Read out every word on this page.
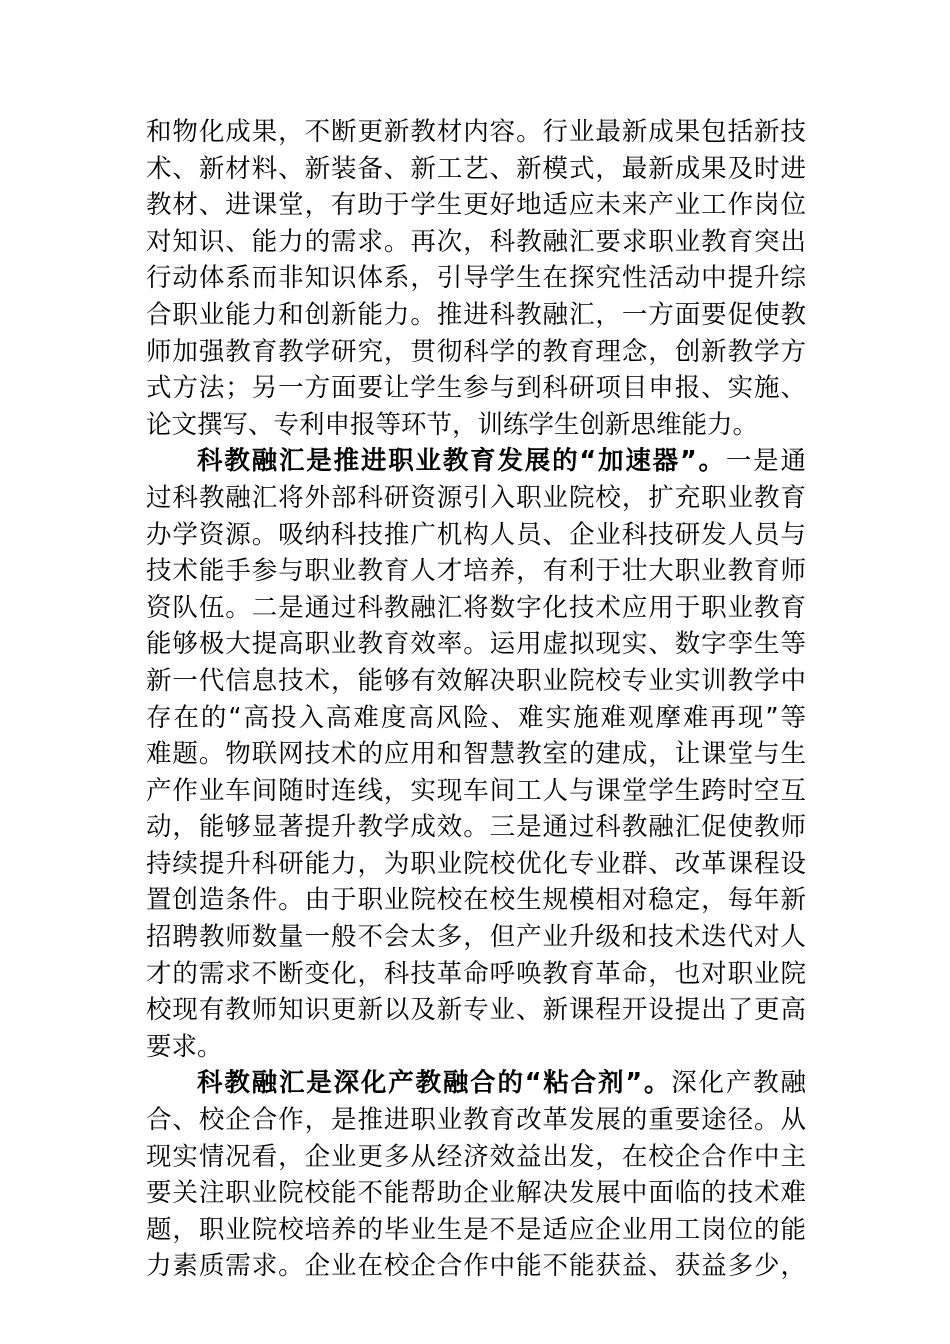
和物化成果，不断更新教材内容。行业最新成果包括新技
术、新材料、新装备、新工艺、新模式，最新成果及时进
教材、进课堂，有助于学生更好地适应未来产业工作岗位
对知识、能力的需求。再次，科教融汇要求职业教育突出
行动体系而非知识体系，引导学生在探究性活动中提升综
合职业能力和创新能力。推进科教融汇，一方面要促使教
师加强教育教学研究，贯彻科学的教育理念，创新教学方
式方法；另一方面要让学生参与到科研项目申报、实施、
论文撰写、专利申报等环节，训练学生创新思维能力。
科教融汇是推进职业教育发展的“加速器”。一是通
过科教融汇将外部科研资源引入职业院校，扩充职业教育
办学资源。吸纳科技推广机构人员、企业科技研发人员与
技术能手参与职业教育人才培养，有利于壮大职业教育师
资队伍。二是通过科教融汇将数字化技术应用于职业教育
能够极大提高职业教育效率。运用虚拟现实、数字孪生等
新一代信息技术，能够有效解决职业院校专业实训教学中
存在的“高投入高难度高风险、难实施难观摩难再现”等
难题。物联网技术的应用和智慧教室的建成，让课堂与生
产作业车间随时连线，实现车间工人与课堂学生跨时空互
动，能够显著提升教学成效。三是通过科教融汇促使教师
持续提升科研能力，为职业院校优化专业群、改革课程设
置创造条件。由于职业院校在校生规模相对稳定，每年新
招聘教师数量一般不会太多，但产业升级和技术迭代对人
才的需求不断变化，科技革命呼唤教育革命，也对职业院
校现有教师知识更新以及新专业、新课程开设提出了更高
要求。
科教融汇是深化产教融合的“粘合剂”。深化产教融
合、校企合作，是推进职业教育改革发展的重要途径。从
现实情况看，企业更多从经济效益出发，在校企合作中主
要关注职业院校能不能帮助企业解决发展中面临的技术难
题，职业院校培养的毕业生是不是适应企业用工岗位的能
力素质需求。企业在校企合作中能不能获益、获益多少，
